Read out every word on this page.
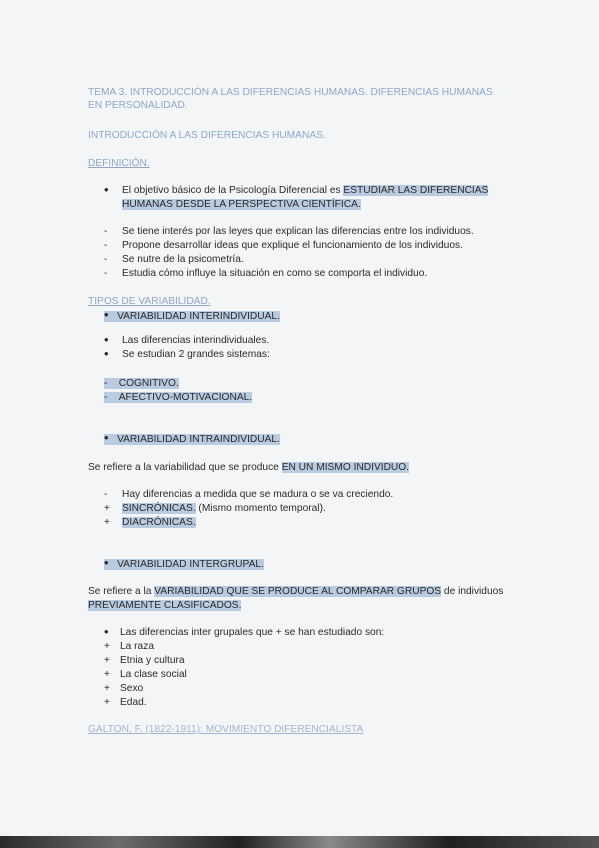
TEMA 3. INTRODUCCIÓN A LAS DIFERENCIAS HUMANAS. DIFERENCIAS HUMANAS
EN PERSONALIDAD.
INTRODUCCIÓN A LAS DIFERENCIAS HUMANAS.
DEFINICIÓN.
•
El objetivo básico de la Psicología Diferencial es ESTUDIAR LAS DIFERENCIAS
HUMANAS DESDE LA PERSPECTIVA CIENTÍFICA.
- Se tiene interés por las leyes que explican las diferencias entre los individuos.
- Propone desarrollar ideas que explique el funcionamiento de los individuos.
- Se nutre de la psicometría.
- Estudia cómo influye la situación en como se comporta el individuo.
TIPOS DE VARIABILIDAD.
•    VARIABILIDAD INTERINDIVIDUAL.
•
Las diferencias interindividuales.
•
Se estudian 2 grandes sistemas:
-    COGNITIVO.
-    AFECTIVO-MOTIVACIONAL.
•    VARIABILIDAD INTRAINDIVIDUAL.
Se refiere a la variabilidad que se produce EN UN MISMO INDIVIDUO.
- Hay diferencias a medida que se madura o se va creciendo.
+ SINCRÓNICAS. (Mismo momento temporal).
+ DIACRÓNICAS.
•    VARIABILIDAD INTERGRUPAL.
Se refiere a la VARIABILIDAD QUE SE PRODUCE AL COMPARAR GRUPOS de individuos
PREVIAMENTE CLASIFICADOS.
•
Las diferencias inter grupales que + se han estudiado son:
+ La raza
+ Etnia y cultura
+ La clase social
+ Sexo
+ Edad.
GALTON, F. (1822-1911): MOVIMIENTO DIFERENCIALISTA
